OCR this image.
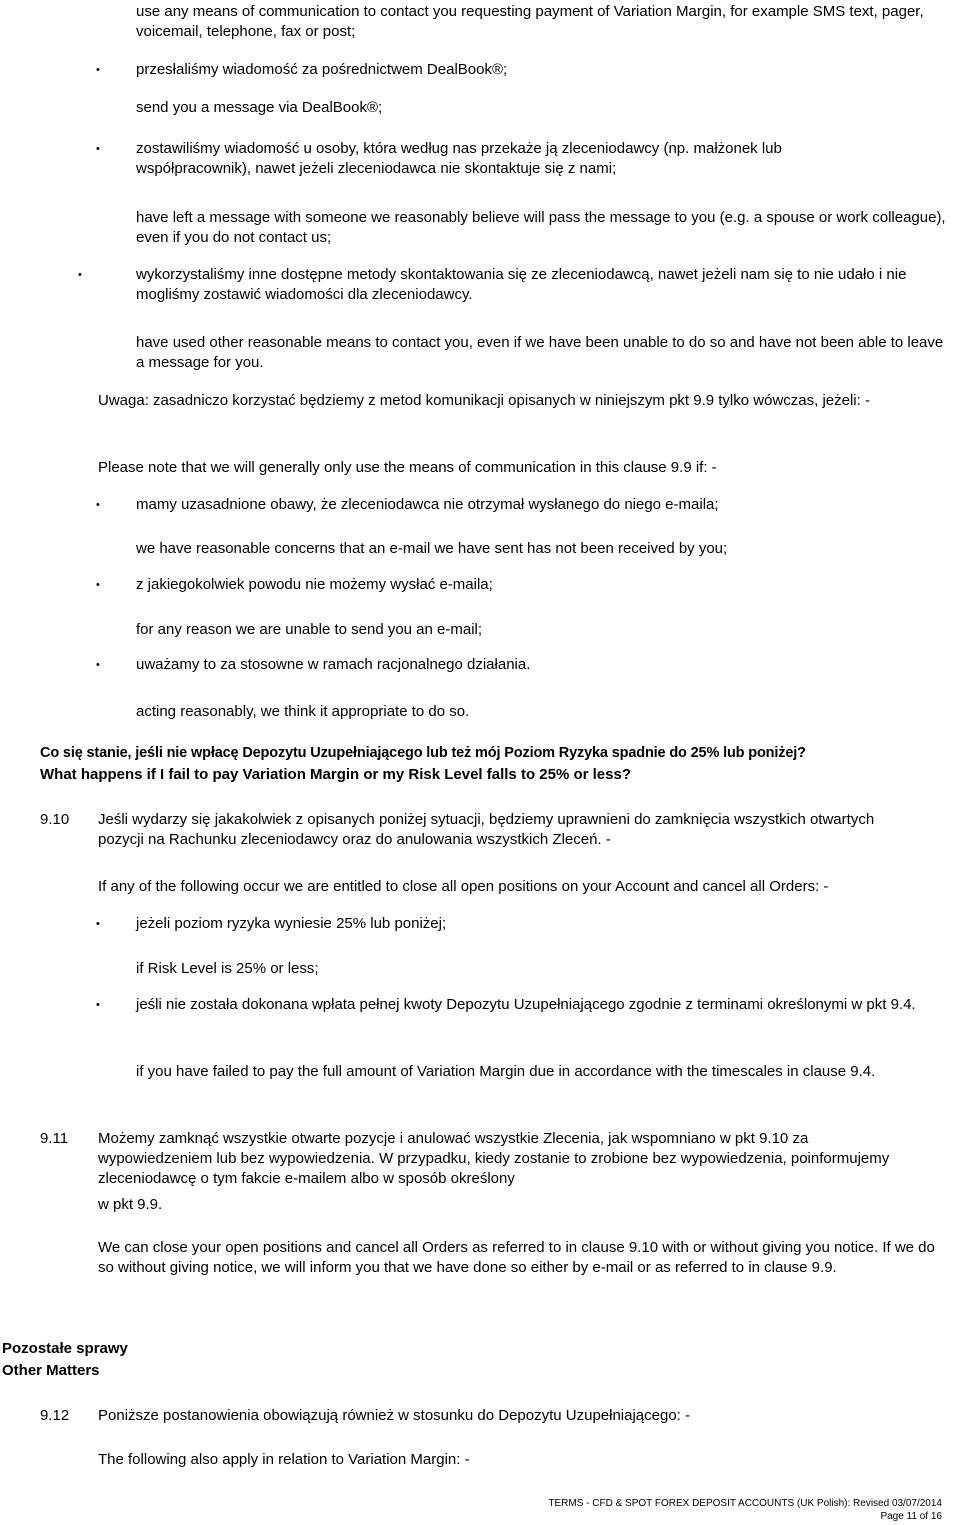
use any means of communication to contact you requesting payment of Variation Margin, for example SMS text, pager, voicemail, telephone, fax or post;

• przesłaliśmy wiadomość za pośrednictwem DealBook®;

send you a message via DealBook®;

• zostawiliśmy wiadomość u osoby, która według nas przekaże ją zleceniodawcy (np. małżonek lub współpracownik), nawet jeżeli zleceniodawca nie skontaktuje się z nami;

have left a message with someone we reasonably believe will pass the message to you (e.g. a spouse or work colleague), even if you do not contact us;

•	wykorzystaliśmy inne dostępne metody skontaktowania się ze zleceniodawcą, nawet jeżeli nam się to nie udało i nie mogliśmy zostawić wiadomości dla zleceniodawcy.

have used other reasonable means to contact you, even if we have been unable to do so and have not been able to leave a message for you.

Uwaga: zasadniczo korzystać będziemy z metod komunikacji opisanych w niniejszym pkt 9.9 tylko wówczas, jeżeli: -

Please note that we will generally only use the means of communication in this clause 9.9 if: -

• mamy uzasadnione obawy, że zleceniodawca nie otrzymał wysłanego do niego e-maila;

we have reasonable concerns that an e-mail we have sent has not been received by you;

• z jakiegokolwiek powodu nie możemy wysłać e-maila;

for any reason we are unable to send you an e-mail;

• uważamy to za stosowne w ramach racjonalnego działania.

acting reasonably, we think it appropriate to do so.

Co się stanie, jeśli nie wpłacę Depozytu Uzupełniającego lub też mój Poziom Ryzyka spadnie do 25% lub poniżej?

What happens if I fail to pay Variation Margin or my Risk Level falls to 25% or less?

9.10 Jeśli wydarzy się jakakolwiek z opisanych poniżej sytuacji, będziemy uprawnieni do zamknięcia wszystkich otwartych pozycji na Rachunku zleceniodawcy oraz do anulowania wszystkich Zleceń. -

If any of the following occur we are entitled to close all open positions on your Account and cancel all Orders: -

• jeżeli poziom ryzyka wyniesie 25% lub poniżej;

if Risk Level is 25% or less;

• jeśli nie została dokonana wpłata pełnej kwoty Depozytu Uzupełniającego zgodnie z terminami określonymi w pkt 9.4.

if you have failed to pay the full amount of Variation Margin due in accordance with the timescales in clause 9.4.

9.11 Możemy zamknąć wszystkie otwarte pozycje i anulować wszystkie Zlecenia, jak wspomniano w pkt 9.10 za wypowiedzeniem lub bez wypowiedzenia. W przypadku, kiedy zostanie to zrobione bez wypowiedzenia, poinformujemy zleceniodawcę o tym fakcie e-mailem albo w sposób określony

w pkt 9.9.

We can close your open positions and cancel all Orders as referred to in clause 9.10 with or without giving you notice. If we do so without giving notice, we will inform you that we have done so either by e-mail or as referred to in clause 9.9.

Pozostałe sprawy

Other Matters

9.12 Poniższe postanowienia obowiązują również w stosunku do Depozytu Uzupełniającego: -

The following also apply in relation to Variation Margin: -

TERMS - CFD & SPOT FOREX DEPOSIT ACCOUNTS (UK Polish): Revised 03/07/2014
Page 11 of 16
